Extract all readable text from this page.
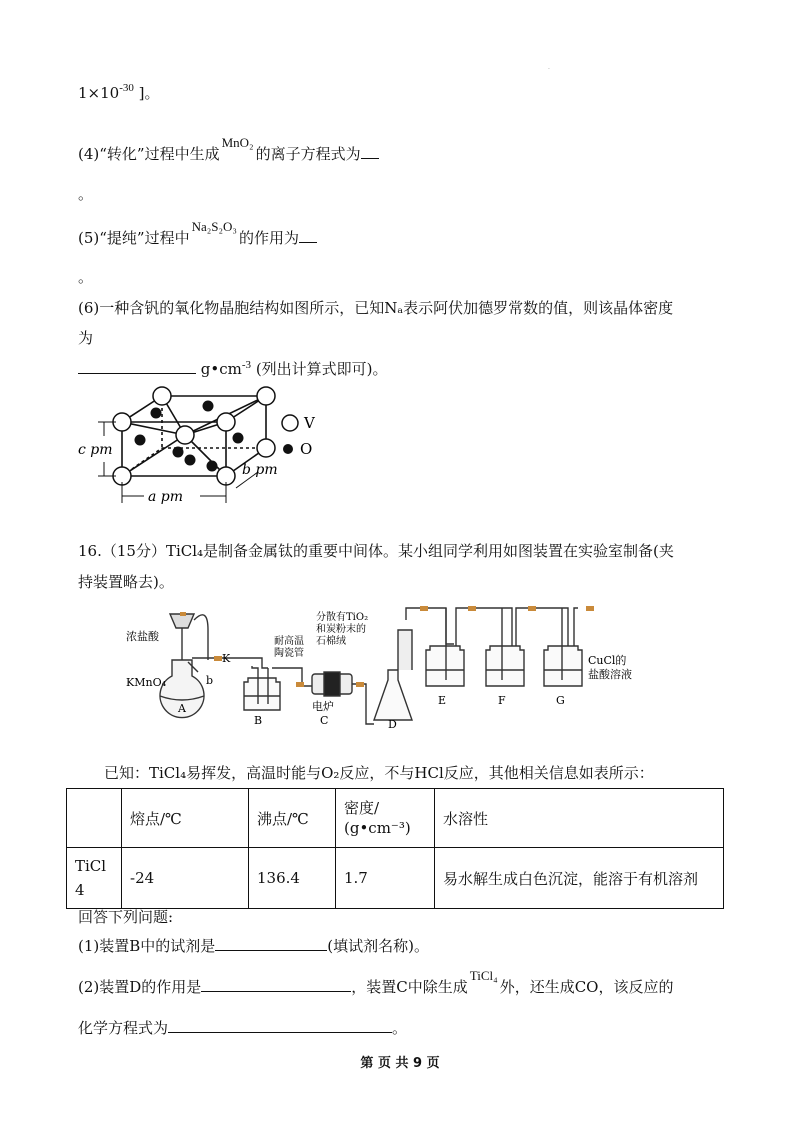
.
$1\times 10^{-30}$ ]。
(4)“转化”过程中生成MnO₂的离子方程式为
。
(5)“提纯”过程中Na₂S₂O₃的作用为
。
(6)一种含钒的氧化物晶胞结构如图所示，已知Nₐ表示阿伏加德罗常数的值，则该晶体密度
为
$g•cm^{-3}$ (列出计算式即可)。
c pm
a pm
b pm
V
O
16.（15分）TiCl₄是制备金属钛的重要中间体。某小组同学利用如图装置在实验室制备(夹
持装置略去)。
浓盐酸
KMnO₄
K
b
耐高温
陶瓷管
分散有TiO₂
和炭粉末的
石棉绒
电炉
CuCl的
盐酸溶液
A
B	C	D
E	F	G
已知：TiCl₄易挥发，高温时能与O₂反应，不与HCl反应，其他相关信息如表所示：
	熔点/℃	沸点/℃	密度/
(g•cm⁻³)	水溶性
TiCl
4	-24	136.4	1.7	易水解生成白色沉淀，能溶于有机溶剂
回答下列问题:
(1)装置B中的试剂是	(填试剂名称)。
(2)装置D的作用是	，装置C中除生成TiCl₄外，还生成CO，该反应的
化学方程式为	。
第 页 共 9 页
